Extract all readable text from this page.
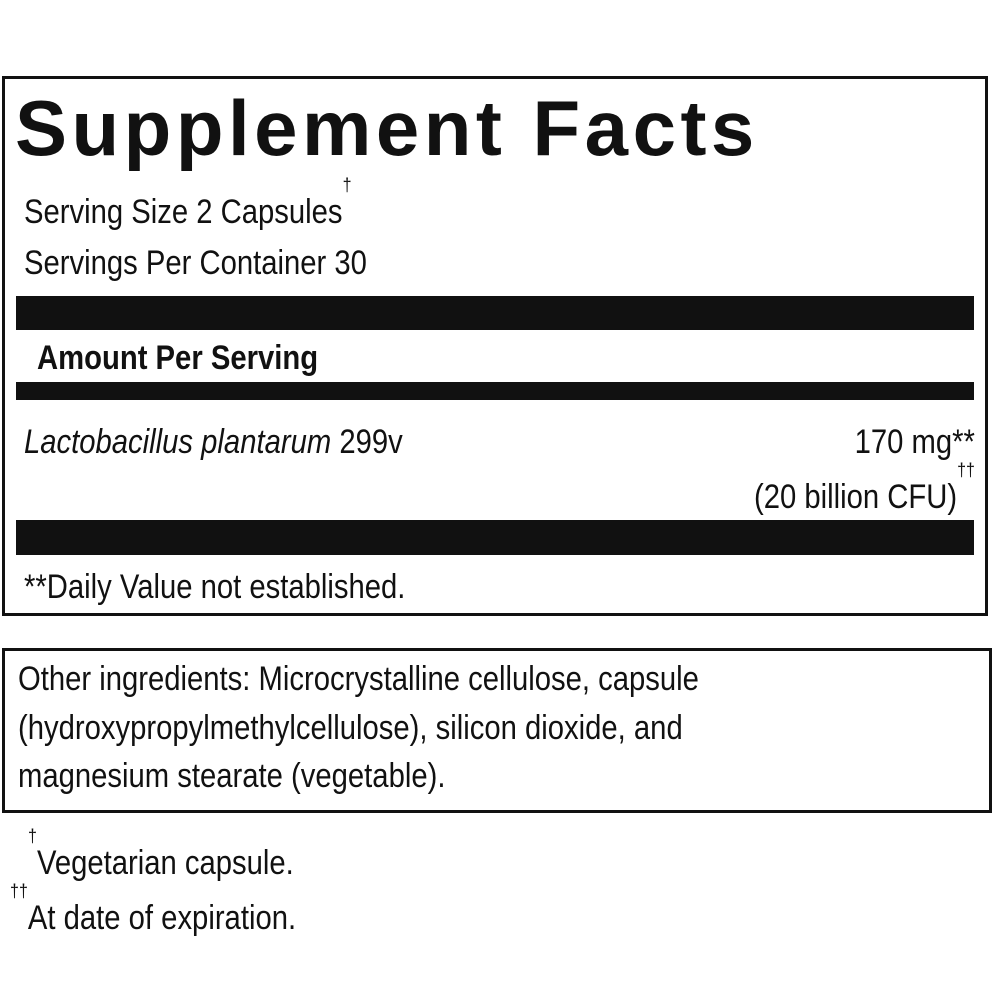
Supplement Facts
Serving Size 2 Capsules†
Servings Per Container 30
Amount Per Serving
Lactobacillus plantarum 299v	170 mg**
(20 billion CFU)††
**Daily Value not established.
Other ingredients: Microcrystalline cellulose, capsule
(hydroxypropylmethylcellulose), silicon dioxide, and
magnesium stearate (vegetable).
†Vegetarian capsule.
††At date of expiration.
